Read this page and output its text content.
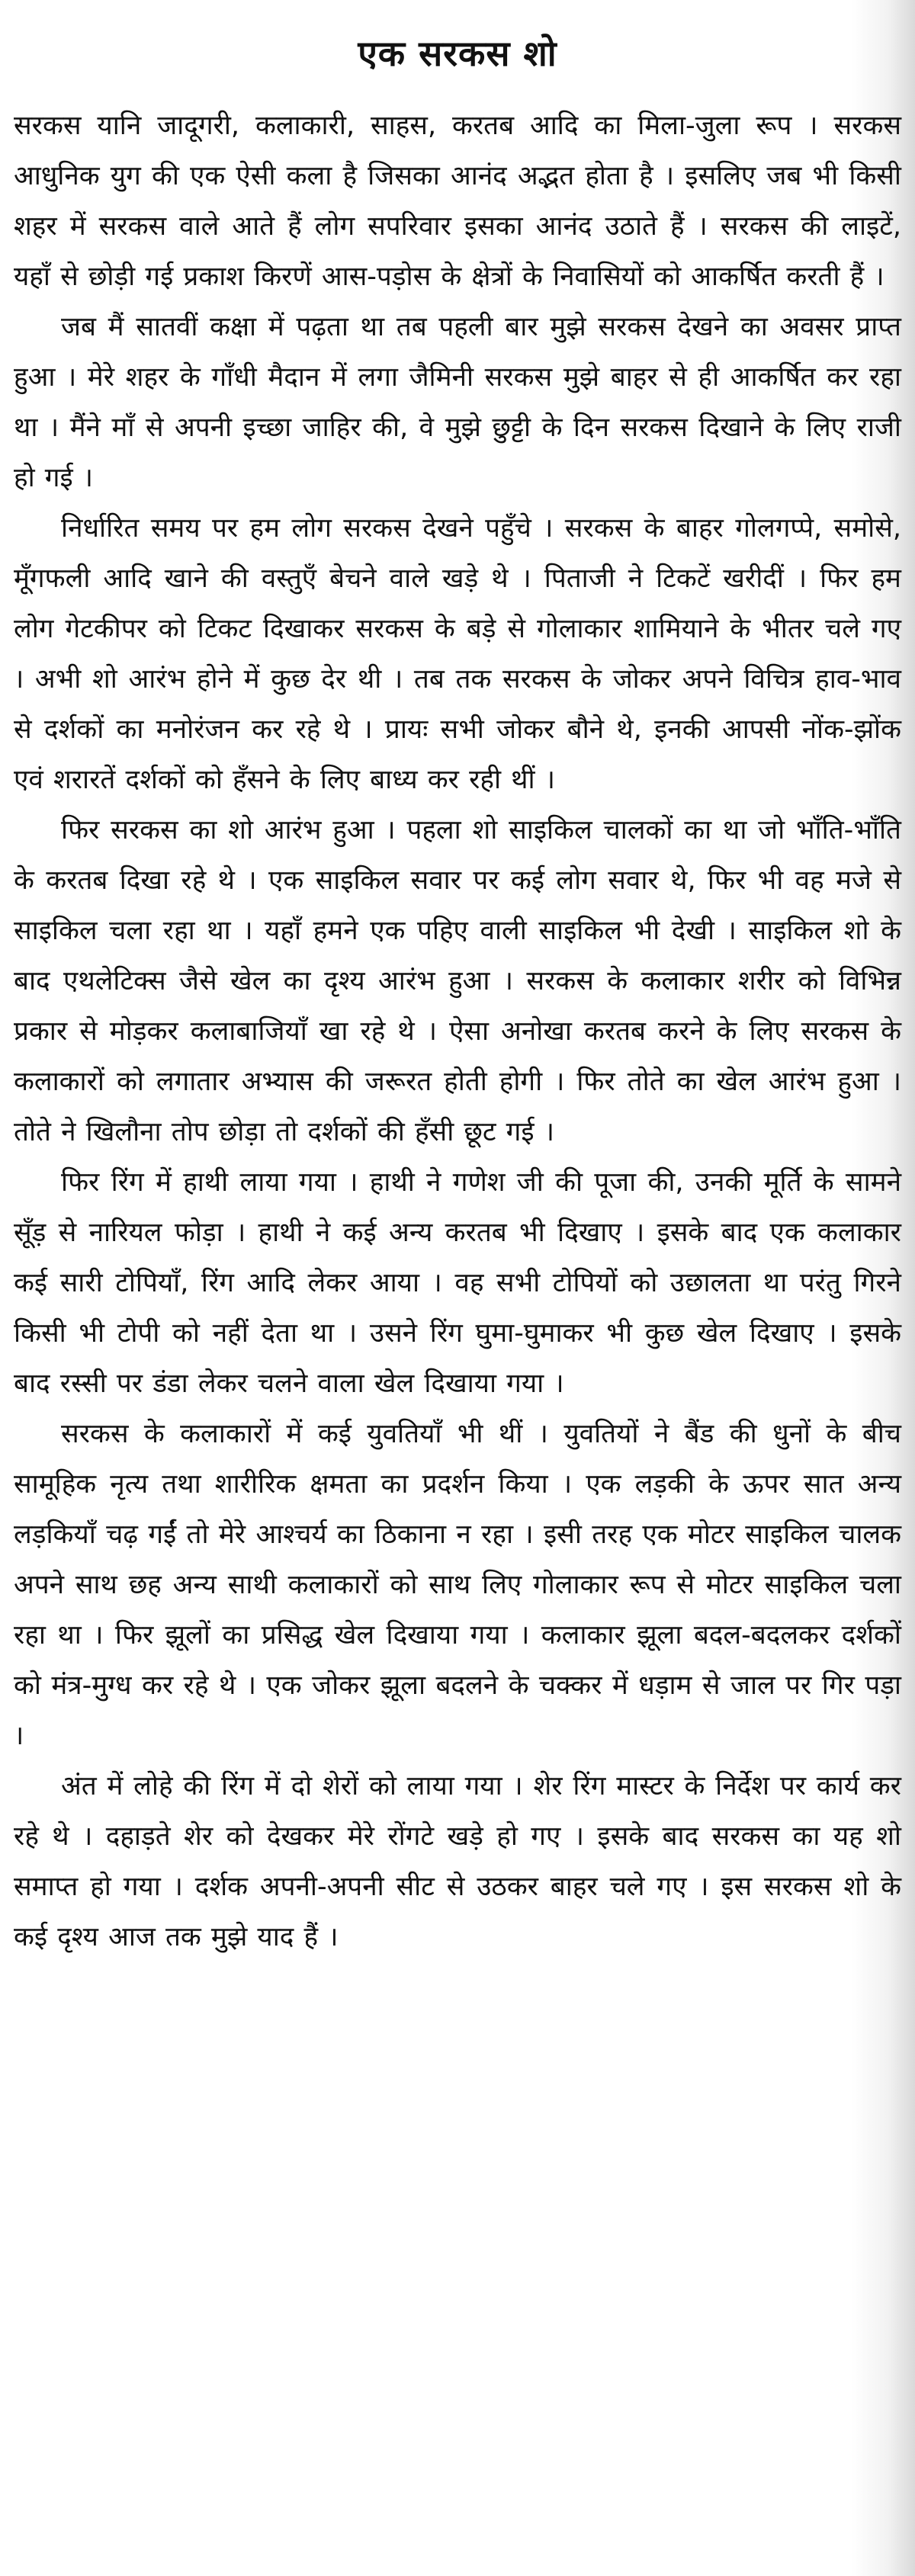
एक सरकस शो

सरकस यानि जादूगरी, कलाकारी, साहस, करतब आदि का मिला-जुला रूप । सरकस आधुनिक युग की एक ऐसी कला है जिसका आनंद अद्भत होता है । इसलिए जब भी किसी शहर में सरकस वाले आते हैं लोग सपरिवार इसका आनंद उठाते हैं । सरकस की लाइटें, यहाँ से छोड़ी गई प्रकाश किरणें आस-पड़ोस के क्षेत्रों के निवासियों को आकर्षित करती हैं ।

जब मैं सातवीं कक्षा में पढ़ता था तब पहली बार मुझे सरकस देखने का अवसर प्राप्त हुआ । मेरे शहर के गाँधी मैदान में लगा जैमिनी सरकस मुझे बाहर से ही आकर्षित कर रहा था । मैंने माँ से अपनी इच्छा जाहिर की, वे मुझे छुट्टी के दिन सरकस दिखाने के लिए राजी हो गई ।

निर्धारित समय पर हम लोग सरकस देखने पहुँचे । सरकस के बाहर गोलगप्पे, समोसे, मूँगफली आदि खाने की वस्तुएँ बेचने वाले खड़े थे । पिताजी ने टिकटें खरीदीं । फिर हम लोग गेटकीपर को टिकट दिखाकर सरकस के बड़े से गोलाकार शामियाने के भीतर चले गए । अभी शो आरंभ होने में कुछ देर थी । तब तक सरकस के जोकर अपने विचित्र हाव-भाव से दर्शकों का मनोरंजन कर रहे थे । प्रायः सभी जोकर बौने थे, इनकी आपसी नोंक-झोंक एवं शरारतें दर्शकों को हँसने के लिए बाध्य कर रही थीं ।

फिर सरकस का शो आरंभ हुआ । पहला शो साइकिल चालकों का था जो भाँति-भाँति के करतब दिखा रहे थे । एक साइकिल सवार पर कई लोग सवार थे, फिर भी वह मजे से साइकिल चला रहा था । यहाँ हमने एक पहिए वाली साइकिल भी देखी । साइकिल शो के बाद एथलेटिक्स जैसे खेल का दृश्य आरंभ हुआ । सरकस के कलाकार शरीर को विभिन्न प्रकार से मोड़कर कलाबाजियाँ खा रहे थे । ऐसा अनोखा करतब करने के लिए सरकस के कलाकारों को लगातार अभ्यास की जरूरत होती होगी । फिर तोते का खेल आरंभ हुआ । तोते ने खिलौना तोप छोड़ा तो दर्शकों की हँसी छूट गई ।

फिर रिंग में हाथी लाया गया । हाथी ने गणेश जी की पूजा की, उनकी मूर्ति के सामने सूँड़ से नारियल फोड़ा । हाथी ने कई अन्य करतब भी दिखाए । इसके बाद एक कलाकार कई सारी टोपियाँ, रिंग आदि लेकर आया । वह सभी टोपियों को उछालता था परंतु गिरने किसी भी टोपी को नहीं देता था । उसने रिंग घुमा-घुमाकर भी कुछ खेल दिखाए । इसके बाद रस्सी पर डंडा लेकर चलने वाला खेल दिखाया गया ।

सरकस के कलाकारों में कई युवतियाँ भी थीं । युवतियों ने बैंड की धुनों के बीच सामूहिक नृत्य तथा शारीरिक क्षमता का प्रदर्शन किया । एक लड़की के ऊपर सात अन्य लड़कियाँ चढ़ गईं तो मेरे आश्चर्य का ठिकाना न रहा । इसी तरह एक मोटर साइकिल चालक अपने साथ छह अन्य साथी कलाकारों को साथ लिए गोलाकार रूप से मोटर साइकिल चला रहा था । फिर झूलों का प्रसिद्ध खेल दिखाया गया । कलाकार झूला बदल-बदलकर दर्शकों को मंत्र-मुग्ध कर रहे थे । एक जोकर झूला बदलने के चक्कर में धड़ाम से जाल पर गिर पड़ा ।

अंत में लोहे की रिंग में दो शेरों को लाया गया । शेर रिंग मास्टर के निर्देश पर कार्य कर रहे थे । दहाड़ते शेर को देखकर मेरे रोंगटे खड़े हो गए । इसके बाद सरकस का यह शो समाप्त हो गया । दर्शक अपनी-अपनी सीट से उठकर बाहर चले गए । इस सरकस शो के कई दृश्य आज तक मुझे याद हैं ।
